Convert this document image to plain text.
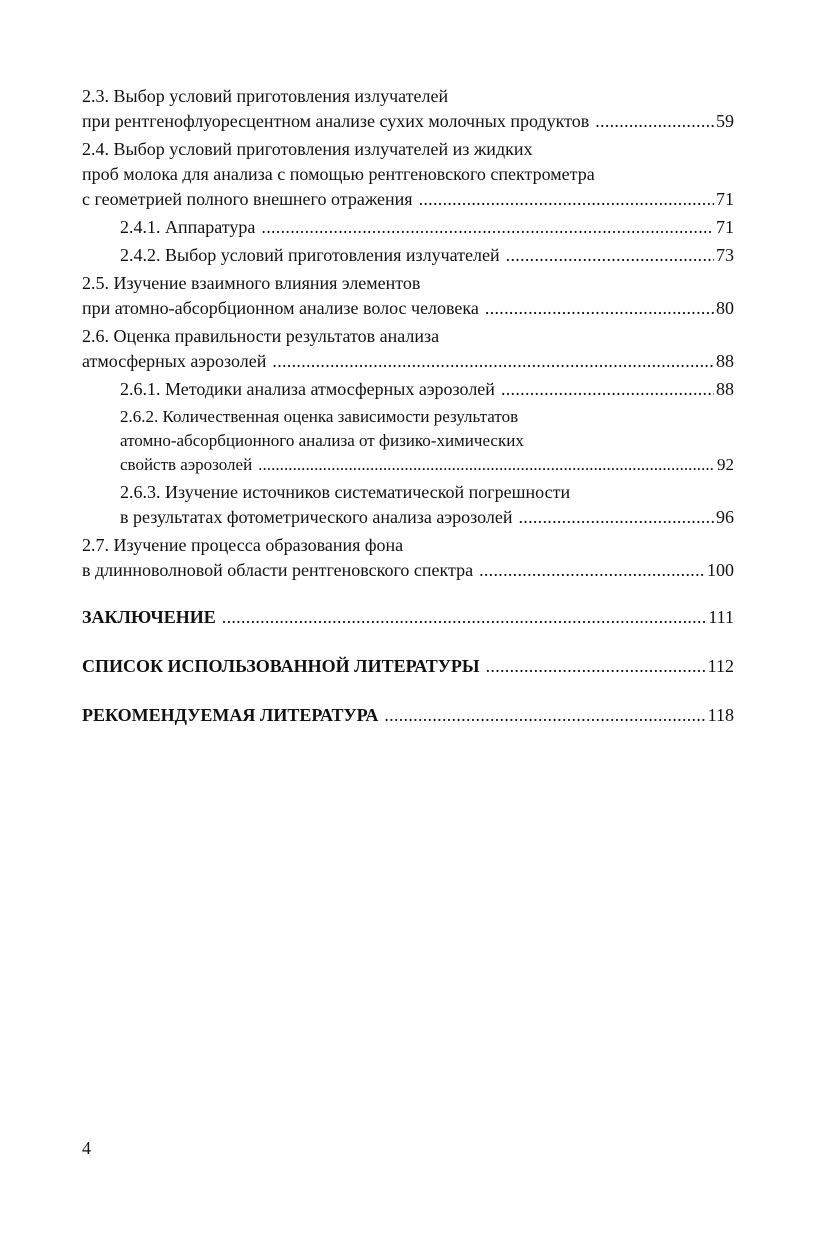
2.3. Выбор условий приготовления излучателей
при рентгенофлуоресцентном анализе сухих молочных продуктов . . .	59
2.4. Выбор условий приготовления излучателей из жидких
проб молока для анализа с помощью рентгеновского спектрометра
с геометрией полного внешнего отражения . . .	71
2.4.1. Аппаратура . . .	71
2.4.2. Выбор условий приготовления излучателей . . .	73
2.5. Изучение взаимного влияния элементов
при атомно-абсорбционном анализе волос человека . . .	80
2.6. Оценка правильности результатов анализа
атмосферных аэрозолей . . .	88
2.6.1. Методики анализа атмосферных аэрозолей . . .	88
2.6.2. Количественная оценка зависимости результатов
атомно-абсорбционного анализа от физико-химических
свойств аэрозолей . . .	92
2.6.3. Изучение источников систематической погрешности
в результатах фотометрического анализа аэрозолей . . .	96
2.7. Изучение процесса образования фона
в длинноволновой области рентгеновского спектра . . .	100
ЗАКЛЮЧЕНИЕ . . .	111
СПИСОК ИСПОЛЬЗОВАННОЙ ЛИТЕРАТУРЫ . . .	112
РЕКОМЕНДУЕМАЯ ЛИТЕРАТУРА . . .	118
4
